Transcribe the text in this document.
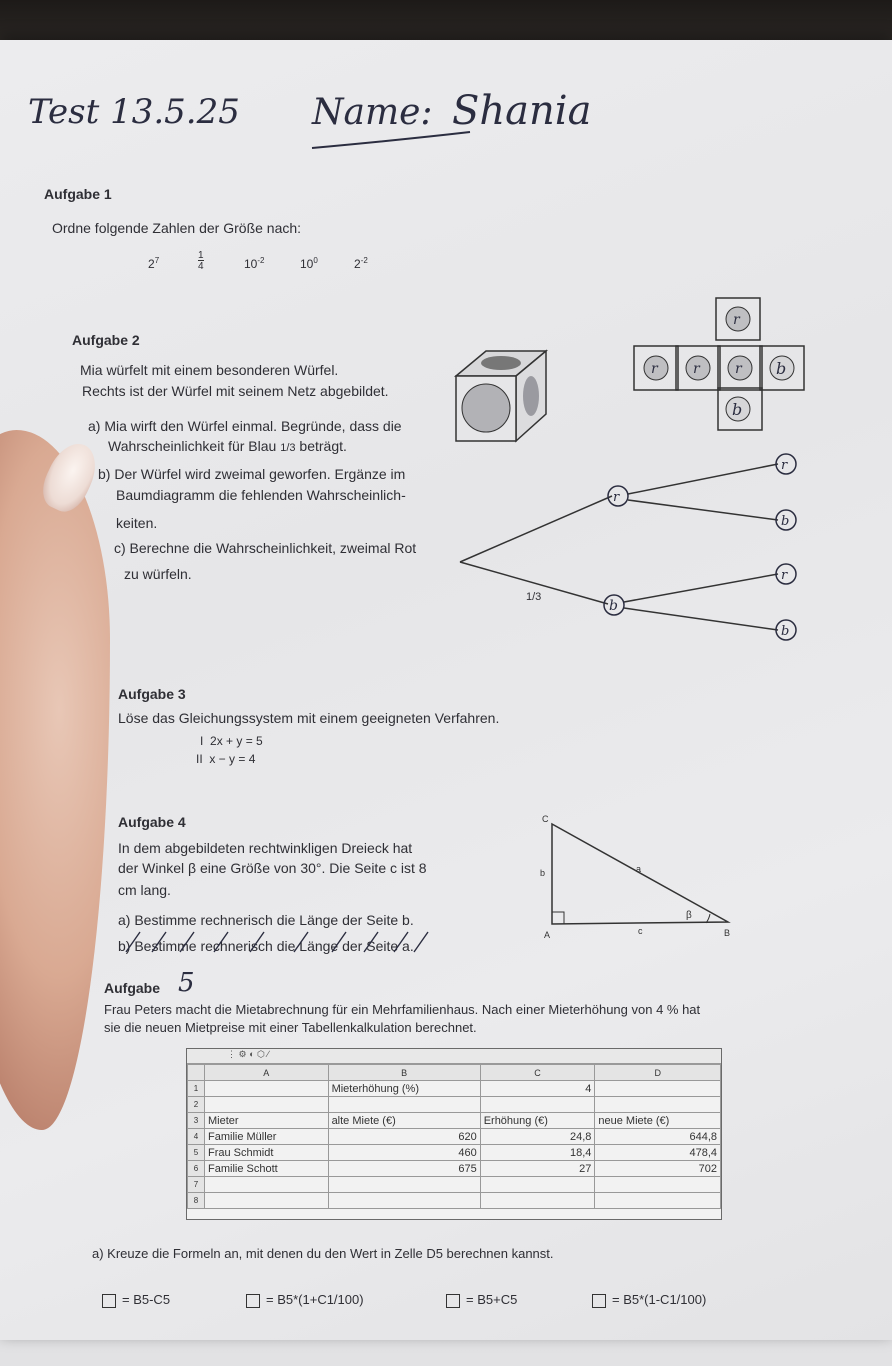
Test 13.5.25 Name: Shania
Aufgabe 1
Ordne folgende Zahlen der Größe nach:
$2^7$	1
4	$10^{-2}$	$10^0$	$2^{-2}$
Aufgabe 2
Mia würfelt mit einem besonderen Würfel.
Rechts ist der Würfel mit seinem Netz abgebildet.
a) Mia wirft den Würfel einmal. Begründe, dass die
Wahrscheinlichkeit für Blau 1/3 beträgt.
b) Der Würfel wird zweimal geworfen. Ergänze im
Baumdiagramm die fehlenden Wahrscheinlich-
keiten.
c) Berechne die Wahrscheinlichkeit, zweimal Rot
zu würfeln.
r
r	r	r b
b
r
b
r
b
r
b
1/3
Aufgabe 3
Löse das Gleichungssystem mit einem geeigneten Verfahren.
I 2x + y = 5
II x − y = 4
Aufgabe 4
In dem abgebildeten rechtwinkligen Dreieck hat
der Winkel β eine Größe von 30°. Die Seite c ist 8
cm lang.
a) Bestimme rechnerisch die Länge der Seite b.
b) Bestimme rechnerisch die Länge der Seite a.
C
A	B
a
b
c
β
Aufgabe 5
Frau Peters macht die Mietabrechnung für ein Mehrfamilienhaus. Nach einer Mieterhöhung von 4 % hat
sie die neuen Mietpreise mit einer Tabellenkalkulation berechnet.
⋮ ⚙ ◐ ⬡ ∕
	A	B	C	D
1		Mieterhöhung (%)	4	
2				
3	Mieter	alte Miete (€)	Erhöhung (€)	neue Miete (€)
4	Familie Müller	620	24,8	644,8
5	Frau Schmidt	460	18,4	478,4
6	Familie Schott	675	27	702
7				
8				
a) Kreuze die Formeln an, mit denen du den Wert in Zelle D5 berechnen kannst.
= B5-C5	= B5*(1+C1/100)	= B5+C5	= B5*(1-C1/100)
